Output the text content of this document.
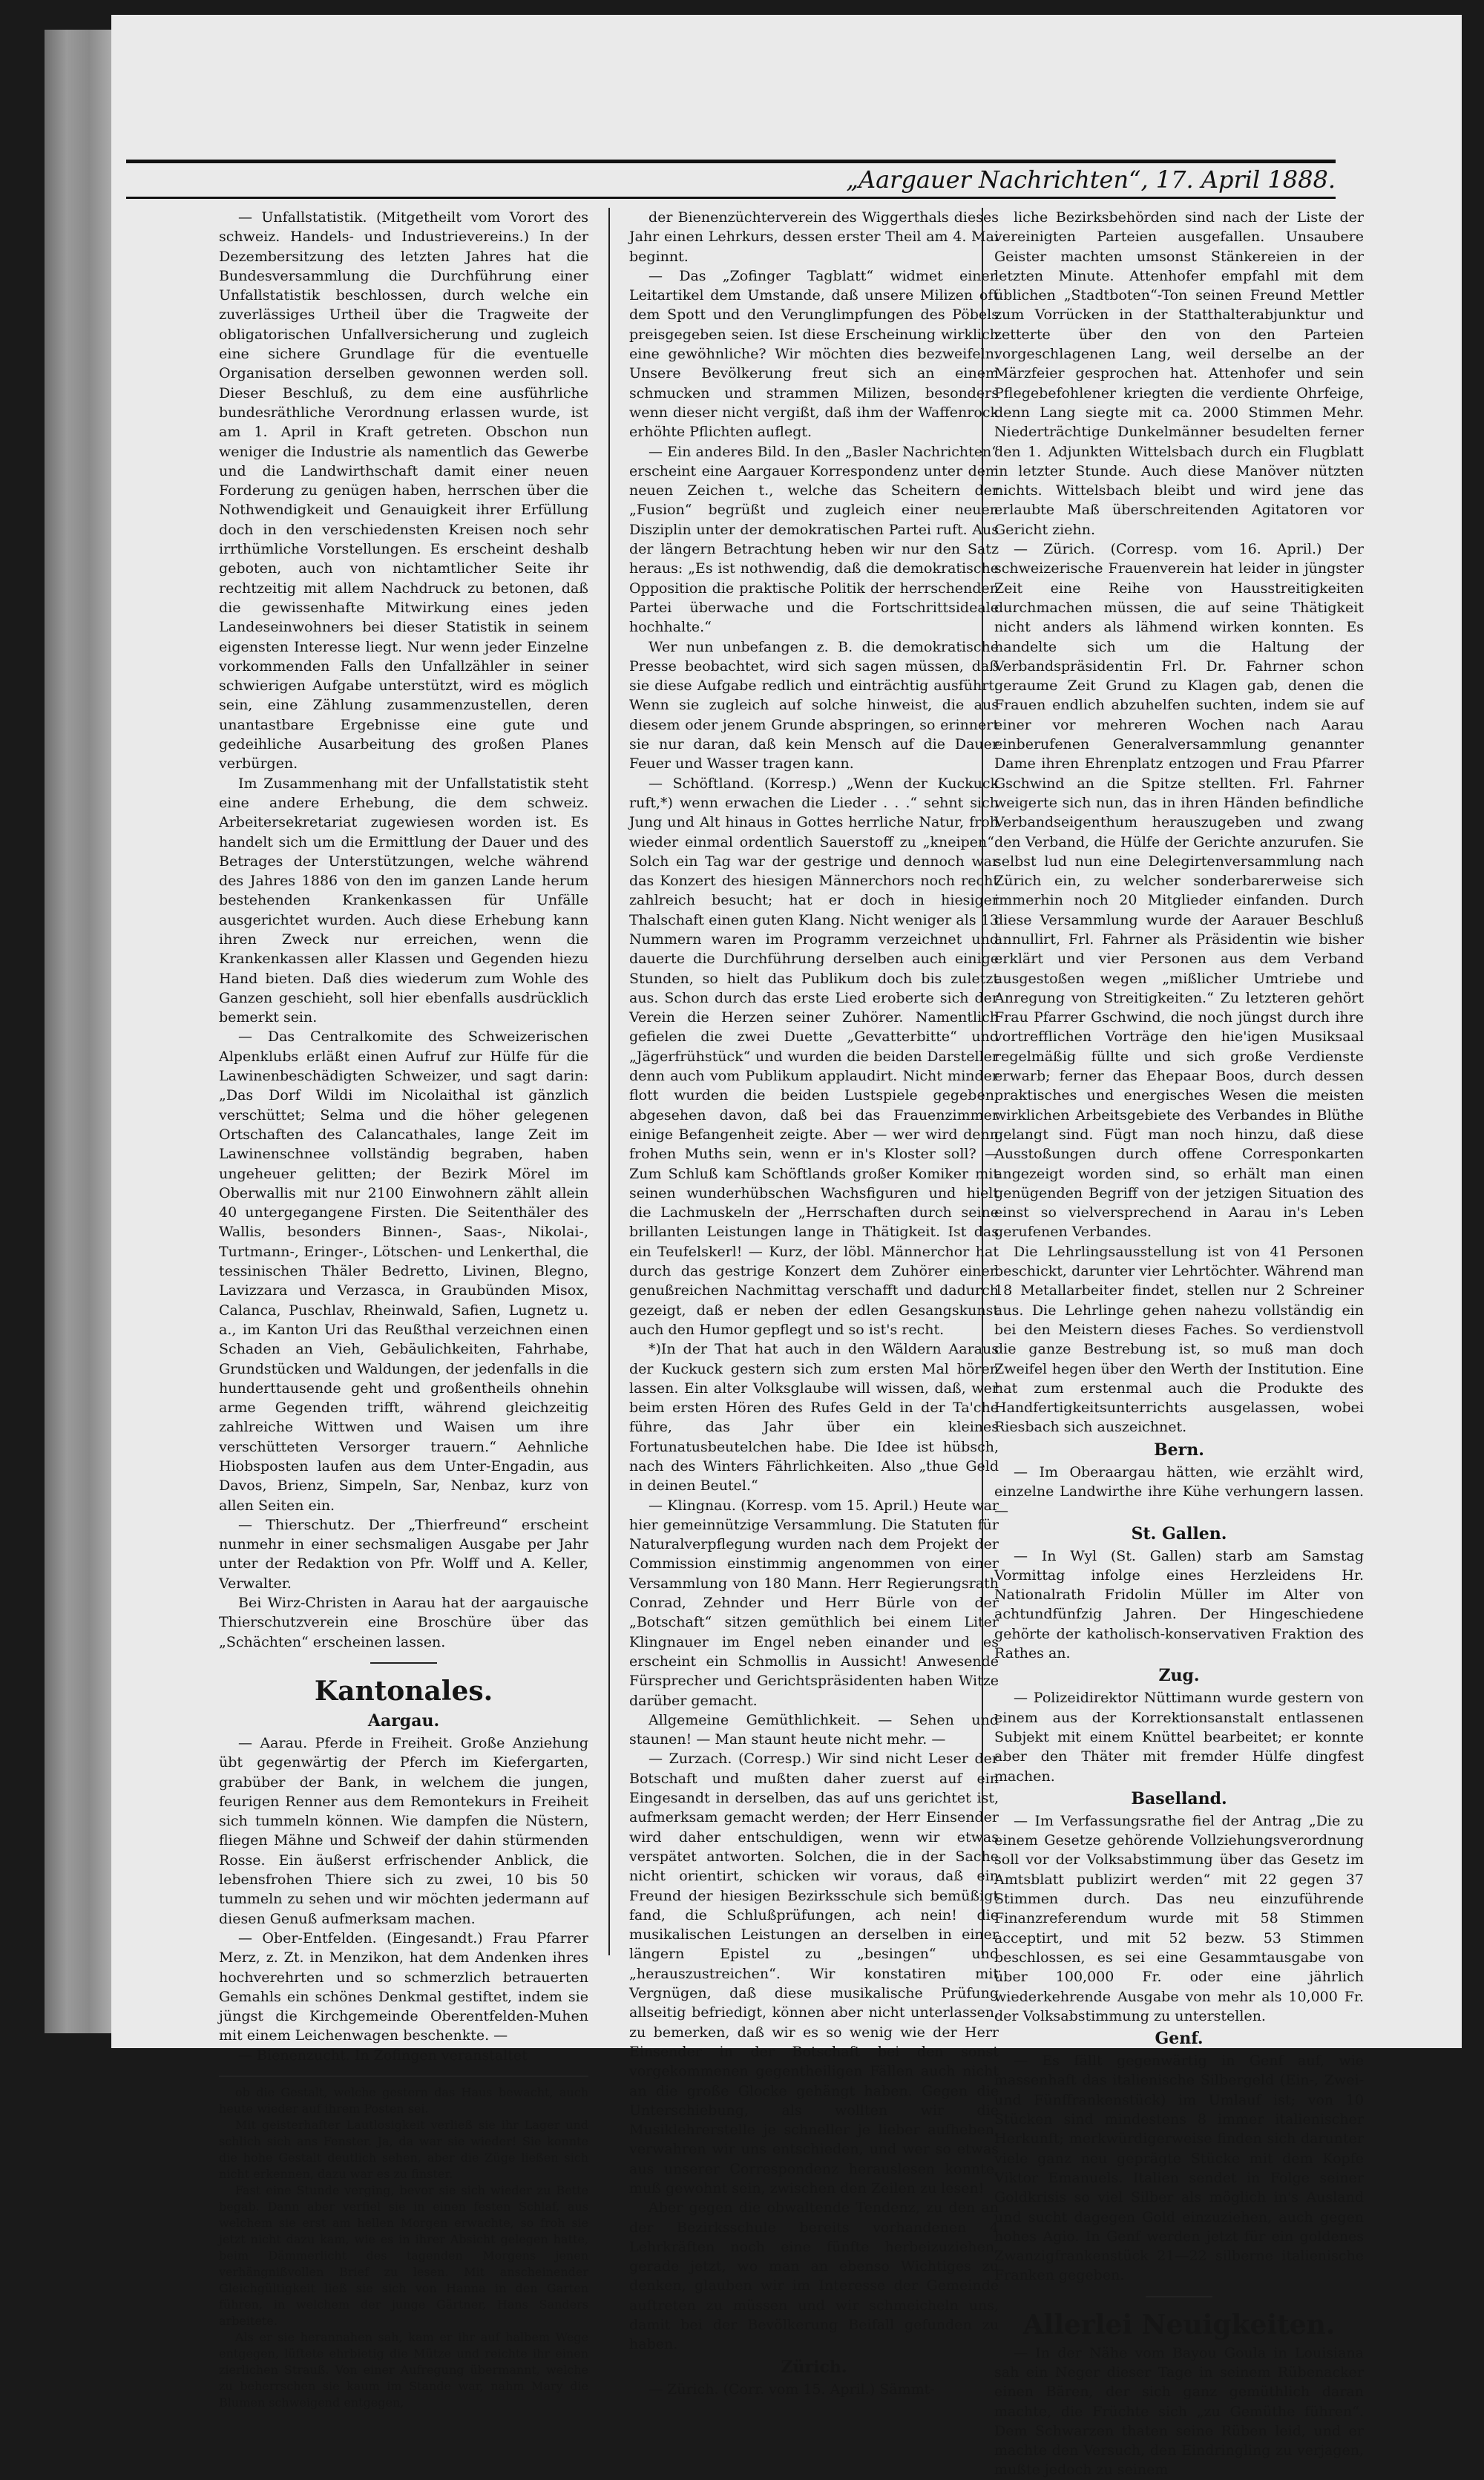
„Aargauer Nachrichten“, 17. April 1888.

— Unfallstatistik. (Mitgetheilt vom Vorort des schweiz. Handels- und Industrievereins.) In der Dezembersitzung des letzten Jahres hat die Bundesversammlung die Durchführung einer Unfallstatistik beschlossen, durch welche ein zuverlässiges Urtheil über die Tragweite der obligatorischen Unfallversicherung und zugleich eine sichere Grundlage für die eventuelle Organisation derselben gewonnen werden soll. Dieser Beschluß, zu dem eine ausführliche bundesräthliche Verordnung erlassen wurde, ist am 1. April in Kraft getreten. Obschon nun weniger die Industrie als namentlich das Gewerbe und die Landwirthschaft damit einer neuen Forderung zu genügen haben, herrschen über die Nothwendigkeit und Genauigkeit ihrer Erfüllung doch in den verschiedensten Kreisen noch sehr irrthümliche Vorstellungen. Es erscheint deshalb geboten, auch von nichtamtlicher Seite ihr rechtzeitig mit allem Nachdruck zu betonen, daß die gewissenhafte Mitwirkung eines jeden Landeseinwohners bei dieser Statistik in seinem eigensten Interesse liegt. Nur wenn jeder Einzelne vorkommenden Falls den Unfallzähler in seiner schwierigen Aufgabe unterstützt, wird es möglich sein, eine Zählung zusammenzustellen, deren unantastbare Ergebnisse eine gute und gedeihliche Ausarbeitung des großen Planes verbürgen.

Im Zusammenhang mit der Unfallstatistik steht eine andere Erhebung, die dem schweiz. Arbeitersekretariat zugewiesen worden ist. Es handelt sich um die Ermittlung der Dauer und des Betrages der Unterstützungen, welche während des Jahres 1886 von den im ganzen Lande herum bestehenden Krankenkassen für Unfälle ausgerichtet wurden. Auch diese Erhebung kann ihren Zweck nur erreichen, wenn die Krankenkassen aller Klassen und Gegenden hiezu Hand bieten. Daß dies wiederum zum Wohle des Ganzen geschieht, soll hier ebenfalls ausdrücklich bemerkt sein.

— Das Centralkomite des Schweizerischen Alpenklubs erläßt einen Aufruf zur Hülfe für die Lawinenbeschädigten Schweizer, und sagt darin: „Das Dorf Wildi im Nicolaithal ist gänzlich verschüttet; Selma und die höher gelegenen Ortschaften des Calancathales, lange Zeit im Lawinenschnee vollständig begraben, haben ungeheuer gelitten; der Bezirk Mörel im Oberwallis mit nur 2100 Einwohnern zählt allein 40 untergegangene Firsten. Die Seitenthäler des Wallis, besonders Binnen-, Saas-, Nikolai-, Turtmann-, Eringer-, Lötschen- und Lenkerthal, die tessinischen Thäler Bedretto, Livinen, Blegno, Lavizzara und Verzasca, in Graubünden Misox, Calanca, Puschlav, Rheinwald, Safien, Lugnetz u. a., im Kanton Uri das Reußthal verzeichnen einen Schaden an Vieh, Gebäulichkeiten, Fahrhabe, Grundstücken und Waldungen, der jedenfalls in die hunderttausende geht und großentheils ohnehin arme Gegenden trifft, während gleichzeitig zahlreiche Wittwen und Waisen um ihre verschütteten Versorger trauern.“ Aehnliche Hiobsposten laufen aus dem Unter-Engadin, aus Davos, Brienz, Simpeln, Sar, Nenbaz, kurz von allen Seiten ein.

— Thierschutz. Der „Thierfreund“ erscheint nunmehr in einer sechsmaligen Ausgabe per Jahr unter der Redaktion von Pfr. Wolff und A. Keller, Verwalter.

Bei Wirz-Christen in Aarau hat der aargauische Thierschutzverein eine Broschüre über das „Schächten“ erscheinen lassen.

Kantonales.
Aargau.

— Aarau. Pferde in Freiheit. Große Anziehung übt gegenwärtig der Pferch im Kiefergarten, grabüber der Bank, in welchem die jungen, feurigen Renner aus dem Remontekurs in Freiheit sich tummeln können. Wie dampfen die Nüstern, fliegen Mähne und Schweif der dahin stürmenden Rosse. Ein äußerst erfrischender Anblick, die lebensfrohen Thiere sich zu zwei, 10 bis 50 tummeln zu sehen und wir möchten jedermann auf diesen Genuß aufmerksam machen.

— Ober-Entfelden. (Eingesandt.) Frau Pfarrer Merz, z. Zt. in Menzikon, hat dem Andenken ihres hochverehrten und so schmerzlich betrauerten Gemahls ein schönes Denkmal gestiftet, indem sie jüngst die Kirchgemeinde Oberentfelden-Muhen mit einem Leichenwagen beschenkte. —

— Bienenzucht. In Zofingen veranstaltet

ob die Gestalt, welche gestern das Haus bewacht, auch heute wieder auf ihrem Posten sei.

Mit geisterhafter Lautlosigkeit verließ sie ihr Lager und schlich sich ans Fenster. Ja, da war sie wieder! Sie konnte die hohe Gestalt deutlich sehen, aber die Züge ließen sich nicht erkennen, dazu war es zu finster.

Fast eine Stunde verging, bevor sie sich wieder zu Bette begab. Dann aber verfiel sie in einen festen Schlaf, aus welchem sie erst am hellen Morgen erwachte, so froh sie jetzt nicht dazu kam, wie es in ihrer Absicht gelegen hatte, beim Dämmerlicht des tagenden Morgens jenen verhängnißvollen Brief zu lesen. Mit anscheinender Gleichgültigkeit ließ sie sich von Hanna in den Garten führen, in welchem der junge Gärtner, Hans Sanders arbeitete.

Als er sie herannahen sah, kam er ihr auf halbem Wege entgegen, lüftete ehrbietig die Mütze und reichte ihr einen zierlichen Strauß. Von einer Aufregung übermannt, welche zu beherrschen sie kaum im Stande war, nahm Mary die Blumen schweigend entgegen,

der Bienenzüchterverein des Wiggerthals dieses Jahr einen Lehrkurs, dessen erster Theil am 4. Mai beginnt.

— Das „Zofinger Tagblatt“ widmet einen Leitartikel dem Umstande, daß unsere Milizen oft dem Spott und den Verunglimpfungen des Pöbels preisgegeben seien. Ist diese Erscheinung wirklich eine gewöhnliche? Wir möchten dies bezweifeln. Unsere Bevölkerung freut sich an einem schmucken und strammen Milizen, besonders wenn dieser nicht vergißt, daß ihm der Waffenrock erhöhte Pflichten auflegt.

— Ein anderes Bild. In den „Basler Nachrichten“ erscheint eine Aargauer Korrespondenz unter dem neuen Zeichen t., welche das Scheitern der „Fusion“ begrüßt und zugleich einer neuen Disziplin unter der demokratischen Partei ruft. Aus der längern Betrachtung heben wir nur den Satz heraus: „Es ist nothwendig, daß die demokratische Opposition die praktische Politik der herrschenden Partei überwache und die Fortschrittsideale hochhalte.“

Wer nun unbefangen z. B. die demokratische Presse beobachtet, wird sich sagen müssen, daß sie diese Aufgabe redlich und einträchtig ausführt. Wenn sie zugleich auf solche hinweist, die aus diesem oder jenem Grunde abspringen, so erinnert sie nur daran, daß kein Mensch auf die Dauer Feuer und Wasser tragen kann.

— Schöftland. (Korresp.) „Wenn der Kuckuck ruft,*) wenn erwachen die Lieder . . .“ sehnt sich Jung und Alt hinaus in Gottes herrliche Natur, froh wieder einmal ordentlich Sauerstoff zu „kneipen“. Solch ein Tag war der gestrige und dennoch war das Konzert des hiesigen Männerchors noch recht zahlreich besucht; hat er doch in hiesiger Thalschaft einen guten Klang. Nicht weniger als 13 Nummern waren im Programm verzeichnet und dauerte die Durchführung derselben auch einige Stunden, so hielt das Publikum doch bis zuletzt aus. Schon durch das erste Lied eroberte sich der Verein die Herzen seiner Zuhörer. Namentlich gefielen die zwei Duette „Gevatterbitte“ und „Jägerfrühstück“ und wurden die beiden Darsteller denn auch vom Publikum applaudirt. Nicht minder flott wurden die beiden Lustspiele gegeben, abgesehen davon, daß bei das Frauenzimmer einige Befangenheit zeigte. Aber — wer wird denn frohen Muths sein, wenn er in's Kloster soll? — Zum Schluß kam Schöftlands großer Komiker mit seinen wunderhübschen Wachsfiguren und hielt die Lachmuskeln der „Herrschaften durch seine brillanten Leistungen lange in Thätigkeit. Ist das ein Teufelskerl! — Kurz, der löbl. Männerchor hat durch das gestrige Konzert dem Zuhörer einen genußreichen Nachmittag verschafft und dadurch gezeigt, daß er neben der edlen Gesangskunst auch den Humor gepflegt und so ist's recht.

*)In der That hat auch in den Wäldern Aaraus der Kuckuck gestern sich zum ersten Mal hören lassen. Ein alter Volksglaube will wissen, daß, wer beim ersten Hören des Rufes Geld in der Ta'che führe, das Jahr über ein kleines Fortunatusbeutelchen habe. Die Idee ist hübsch, nach des Winters Fährlichkeiten. Also „thue Geld in deinen Beutel.“

— Klingnau. (Korresp. vom 15. April.) Heute war hier gemeinnützige Versammlung. Die Statuten für Naturalverpflegung wurden nach dem Projekt der Commission einstimmig angenommen von einer Versammlung von 180 Mann. Herr Regierungsrath Conrad, Zehnder und Herr Bürle von der „Botschaft“ sitzen gemüthlich bei einem Liter Klingnauer im Engel neben einander und es erscheint ein Schmollis in Aussicht! Anwesende Fürsprecher und Gerichtspräsidenten haben Witze darüber gemacht.

Allgemeine Gemüthlichkeit. — Sehen und staunen! — Man staunt heute nicht mehr. —

— Zurzach. (Corresp.) Wir sind nicht Leser der Botschaft und mußten daher zuerst auf ein Eingesandt in derselben, das auf uns gerichtet ist, aufmerksam gemacht werden; der Herr Einsender wird daher entschuldigen, wenn wir etwas verspätet antworten. Solchen, die in der Sache nicht orientirt, schicken wir voraus, daß ein Freund der hiesigen Bezirksschule sich bemüßigt fand, die Schlußprüfungen, ach nein! die musikalischen Leistungen an derselben in einer längern Epistel zu „besingen“ und „herauszustreichen“. Wir konstatiren mit Vergnügen, daß diese musikalische Prüfung allseitig befriedigt, können aber nicht unterlassen, zu bemerken, daß wir es so wenig wie der Herr Einsender in der Botschaft bei den sonst vorgekommenen gegentheiligen Fällen auch nicht an die große Glocke gehängt haben. Gegen die Unterschiebung, als wollten wir die Musiklehrerstelle je schneller je lieber aufheben, verwahren wir uns entschieden, und wer so etwas aus unserer Correspondenz herauslesen konnte, muß gewohnt sein, zwischen den Zeilen zu lesen!

Aber gegen die obwaltende Tendenz, zu den an der Bezirksschule bereits vorhandenen 4 Lehrkräften noch eine fünfte herbeizuziehen, gerade jetzt, wo man an ebenso Wichtiges zu denken, glauben wir im Interesse der Gemeinde auftreten zu müssen und wir schmeicheln uns, damit bei der Bevölkerung Beifall gefunden zu haben.

Zürich.

— Zürich. (Corr. vom 15. April.) Sämmt-

liche Bezirksbehörden sind nach der Liste der vereinigten Parteien ausgefallen. Unsaubere Geister machten umsonst Stänkereien in der letzten Minute. Attenhofer empfahl mit dem üblichen „Stadtboten“-Ton seinen Freund Mettler zum Vorrücken in der Statthalterabjunktur und zetterte über den von den Parteien vorgeschlagenen Lang, weil derselbe an der Märzfeier gesprochen hat. Attenhofer und sein Pflegebefohlener kriegten die verdiente Ohrfeige, denn Lang siegte mit ca. 2000 Stimmen Mehr. Niederträchtige Dunkelmänner besudelten ferner den 1. Adjunkten Wittelsbach durch ein Flugblatt in letzter Stunde. Auch diese Manöver nützten nichts. Wittelsbach bleibt und wird jene das erlaubte Maß überschreitenden Agitatoren vor Gericht ziehn.

— Zürich. (Corresp. vom 16. April.) Der schweizerische Frauenverein hat leider in jüngster Zeit eine Reihe von Hausstreitigkeiten durchmachen müssen, die auf seine Thätigkeit nicht anders als lähmend wirken konnten. Es handelte sich um die Haltung der Verbandspräsidentin Frl. Dr. Fahrner schon geraume Zeit Grund zu Klagen gab, denen die Frauen endlich abzuhelfen suchten, indem sie auf einer vor mehreren Wochen nach Aarau einberufenen Generalversammlung genannter Dame ihren Ehrenplatz entzogen und Frau Pfarrer Gschwind an die Spitze stellten. Frl. Fahrner weigerte sich nun, das in ihren Händen befindliche Verbandseigenthum herauszugeben und zwang den Verband, die Hülfe der Gerichte anzurufen. Sie selbst lud nun eine Delegirtenversammlung nach Zürich ein, zu welcher sonderbarerweise sich immerhin noch 20 Mitglieder einfanden. Durch diese Versammlung wurde der Aarauer Beschluß annullirt, Frl. Fahrner als Präsidentin wie bisher erklärt und vier Personen aus dem Verband ausgestoßen wegen „mißlicher Umtriebe und Anregung von Streitigkeiten.“ Zu letzteren gehört Frau Pfarrer Gschwind, die noch jüngst durch ihre vortrefflichen Vorträge den hie'igen Musiksaal regelmäßig füllte und sich große Verdienste erwarb; ferner das Ehepaar Boos, durch dessen praktisches und energisches Wesen die meisten wirklichen Arbeitsgebiete des Verbandes in Blüthe gelangt sind. Fügt man noch hinzu, daß diese Ausstoßungen durch offene Corresponkarten angezeigt worden sind, so erhält man einen genügenden Begriff von der jetzigen Situation des einst so vielversprechend in Aarau in's Leben gerufenen Verbandes.

Die Lehrlingsausstellung ist von 41 Personen beschickt, darunter vier Lehrtöchter. Während man 18 Metallarbeiter findet, stellen nur 2 Schreiner aus. Die Lehrlinge gehen nahezu vollständig ein bei den Meistern dieses Faches. So verdienstvoll die ganze Bestrebung ist, so muß man doch Zweifel hegen über den Werth der Institution. Eine hat zum erstenmal auch die Produkte des Handfertigkeitsunterrichts ausgelassen, wobei Riesbach sich auszeichnet.

Bern.

— Im Oberaargau hätten, wie erzählt wird, einzelne Landwirthe ihre Kühe verhungern lassen. —

St. Gallen.

— In Wyl (St. Gallen) starb am Samstag Vormittag infolge eines Herzleidens Hr. Nationalrath Fridolin Müller im Alter von achtundfünfzig Jahren. Der Hingeschiedene gehörte der katholisch-konservativen Fraktion des Rathes an.

Zug.

— Polizeidirektor Nüttimann wurde gestern von einem aus der Korrektionsanstalt entlassenen Subjekt mit einem Knüttel bearbeitet; er konnte aber den Thäter mit fremder Hülfe dingfest machen.

Baselland.

— Im Verfassungsrathe fiel der Antrag „Die zu einem Gesetze gehörende Vollziehungsverordnung soll vor der Volksabstimmung über das Gesetz im Amtsblatt publizirt werden“ mit 22 gegen 37 Stimmen durch. Das neu einzuführende Finanzreferendum wurde mit 58 Stimmen acceptirt, und mit 52 bezw. 53 Stimmen beschlossen, es sei eine Gesammtausgabe von über 100,000 Fr. oder eine jährlich wiederkehrende Ausgabe von mehr als 10,000 Fr. der Volksabstimmung zu unterstellen.

Genf.

— Es fällt gegenwärtig in Genf auf, wie massenhaft das italienische Silbergeld (Ein-, Zwei- und Fünffrankenstück) im Umlauf ist; von 10 Stücken sind mindestens 8 immer italienischer Herkunft; merkwürdigerweise finden sich darunter viele ganz neu geprägte Stücke mit dem Kopfe Viktor Emanuels. Italien sendet in Folge seiner Goldkrisis so viel Silber als möglich in's Ausland und sucht dagegen Gold einzuziehen, auch gegen hohes Agio. In Genf werden jetzt für ein goldenes Zwanzigfrankenstück 21—22 silberne italienische Franken gegeben.

Allerlei Neuigkeiten.

— In der Nähe vom Bayou Goula in Louisiana sah ein Neger dieser Tage in seinem Rübenacker einen Bären, der sich ganz gemüthlich daran machte, die Früchte sich „zu Gemüthe führen“. Dem Schwarzen thaten seine Rüben leid, und er machte den Versuch, den Eindringling zu verjagen, mußte jedoch zu seinem
